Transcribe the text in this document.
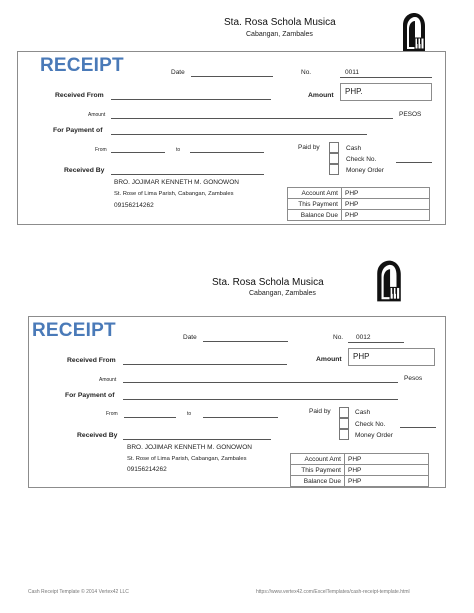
Sta. Rosa Schola Musica
Cabangan, Zambales
RECEIPT	Date	No.	0011
Received From	Amount	PHP.
Amount	PESOS
For Payment of
From	to	Paid by	Cash
Check No.
Money Order
Received By
BRO. JOJIMAR KENNETH M. GONOWON
St. Rose of Lima Parish, Cabangan, Zambales
09156214262
Account Amt	PHP
This Payment	PHP
Balance Due	PHP
Sta. Rosa Schola Musica
Cabangan, Zambales
RECEIPT	Date	No. 0012
Received From	Amount	PHP
Amount	Pesos
For Payment of
From	to	Paid by	Cash
Check No.
Money Order
Received By
BRO. JOJIMAR KENNETH M. GONOWON
St. Rose of Lima Parish, Cabangan, Zambales
09156214262
Account Amt	PHP
This Payment	PHP
Balance Due	PHP
Cash Receipt Template © 2014 Vertex42 LLC	https://www.vertex42.com/ExcelTemplates/cash-receipt-template.html
